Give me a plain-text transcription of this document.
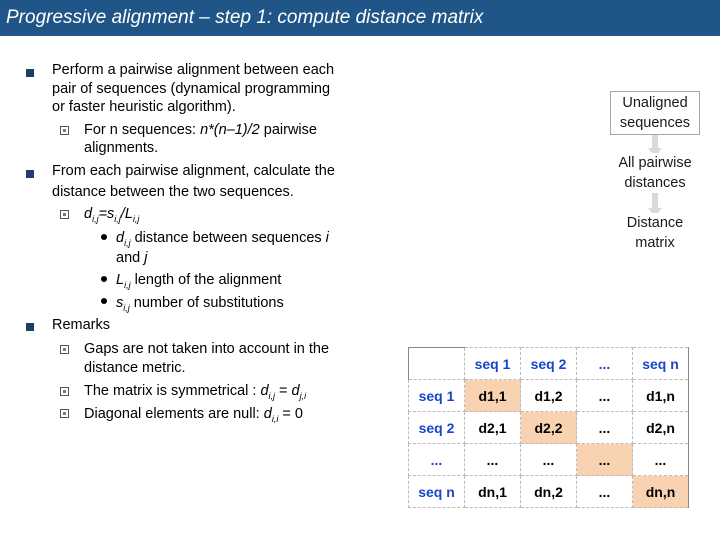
Progressive alignment – step 1: compute distance matrix
Perform a pairwise alignment between each
pair of sequences (dynamical programming
or faster heuristic algorithm).
For n sequences: n*(n–1)/2 pairwise
alignments.
From each pairwise alignment, calculate the
distance between the two sequences.
$d_{i,j}=s_{i,j}/L_{i,j}$
$d_{i,j}$ distance between sequences i
and j
$L_{i,j}$ length of the alignment
$s_{i,j}$ number of substitutions
Remarks
Gaps are not taken into account in the
distance metric.
The matrix is symmetrical : $d_{i,j} = d_{j,i}$
Diagonal elements are null: $d_{i,i} = 0$
Unaligned
sequences
All pairwise
distances
Distance
matrix
	seq 1	seq 2	...	seq n
seq 1	d1,1	d1,2	...	d1,n
seq 2	d2,1	d2,2	...	d2,n
...	...	...	...	...
seq n	dn,1	dn,2	...	dn,n
